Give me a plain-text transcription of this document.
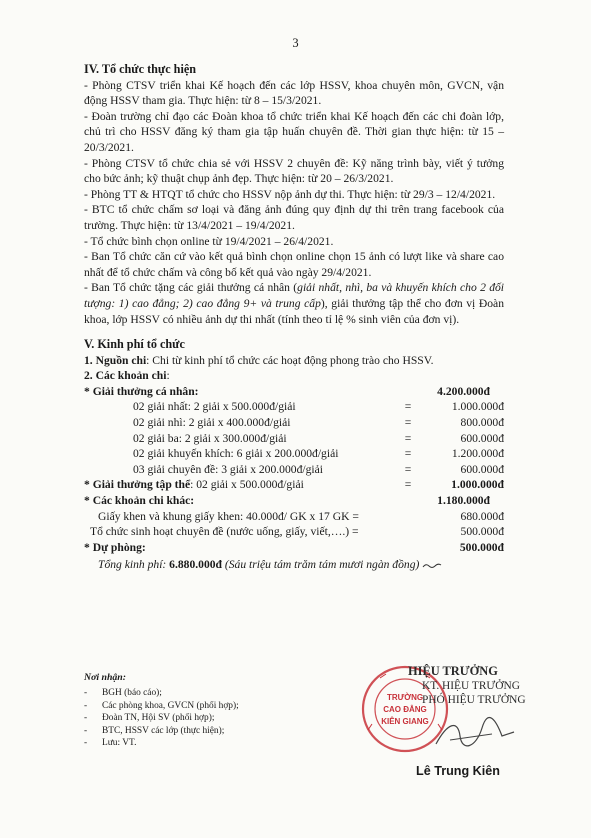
3

IV. Tổ chức thực hiện

- Phòng CTSV triển khai Kế hoạch đến các lớp HSSV, khoa chuyên môn, GVCN, vận động HSSV tham gia. Thực hiện: từ 8 – 15/3/2021.

- Đoàn trường chỉ đạo các Đoàn khoa tổ chức triển khai Kế hoạch đến các chi đoàn lớp, chủ trì cho HSSV đăng ký tham gia tập huấn chuyên đề. Thời gian thực hiện: từ 15 – 20/3/2021.

- Phòng CTSV tổ chức chia sẻ với HSSV 2 chuyên đề: Kỹ năng trình bày, viết ý tưởng cho bức ảnh; kỹ thuật chụp ảnh đẹp. Thực hiện: từ 20 – 26/3/2021.

- Phòng TT & HTQT tổ chức cho HSSV nộp ảnh dự thi. Thực hiện: từ 29/3 – 12/4/2021.

- BTC tổ chức chấm sơ loại và đăng ảnh đúng quy định dự thi trên trang facebook của trường. Thực hiện: từ 13/4/2021 – 19/4/2021.

- Tổ chức bình chọn online từ 19/4/2021 – 26/4/2021.

- Ban Tổ chức căn cứ vào kết quả bình chọn online chọn 15 ảnh có lượt like và share cao nhất để tổ chức chấm và công bố kết quả vào ngày 29/4/2021.

- Ban Tổ chức tặng các giải thưởng cá nhân (giải nhất, nhì, ba và khuyến khích cho 2 đối tượng: 1) cao đẳng; 2) cao đẳng 9+ và trung cấp), giải thưởng tập thể cho đơn vị Đoàn khoa, lớp HSSV có nhiều ảnh dự thi nhất (tính theo tỉ lệ % sinh viên của đơn vị).

V. Kinh phí tổ chức

1. Nguồn chi: Chi từ kinh phí tổ chức các hoạt động phong trào cho HSSV.

2. Các khoản chi:

* Giải thưởng cá nhân:	4.200.000đ
02 giải nhất: 2 giải x 500.000đ/giải	=	1.000.000đ
02 giải nhì: 2 giải x 400.000đ/giải	=	800.000đ
02 giải ba: 2 giải x 300.000đ/giải	=	600.000đ
02 giải khuyến khích: 6 giải x 200.000đ/giải	=	1.200.000đ
03 giải chuyên đề: 3 giải x 200.000đ/giải	=	600.000đ
* Giải thưởng tập thể: 02 giải x 500.000đ/giải	=	1.000.000đ
* Các khoản chi khác:	1.180.000đ
Giấy khen và khung giấy khen: 40.000đ/ GK x 17 GK =	680.000đ
Tổ chức sinh hoạt chuyên đề (nước uống, giấy, viết,….) =	500.000đ
* Dự phòng:	500.000đ
Tổng kinh phí: 6.880.000đ (Sáu triệu tám trăm tám mươi ngàn đồng)
Nơi nhận:
- BGH (báo cáo);
- Các phòng khoa, GVCN (phối hợp);
- Đoàn TN, Hội SV (phối hợp);
- BTC, HSSV các lớp (thực hiện);
- Lưu: VT.
TRƯỜNG
CAO ĐẲNG
KIÊN GIANG
HIỆU TRƯỞNG
KT. HIỆU TRƯỞNG
PHÓ HIỆU TRƯỞNG
Lê Trung Kiên
